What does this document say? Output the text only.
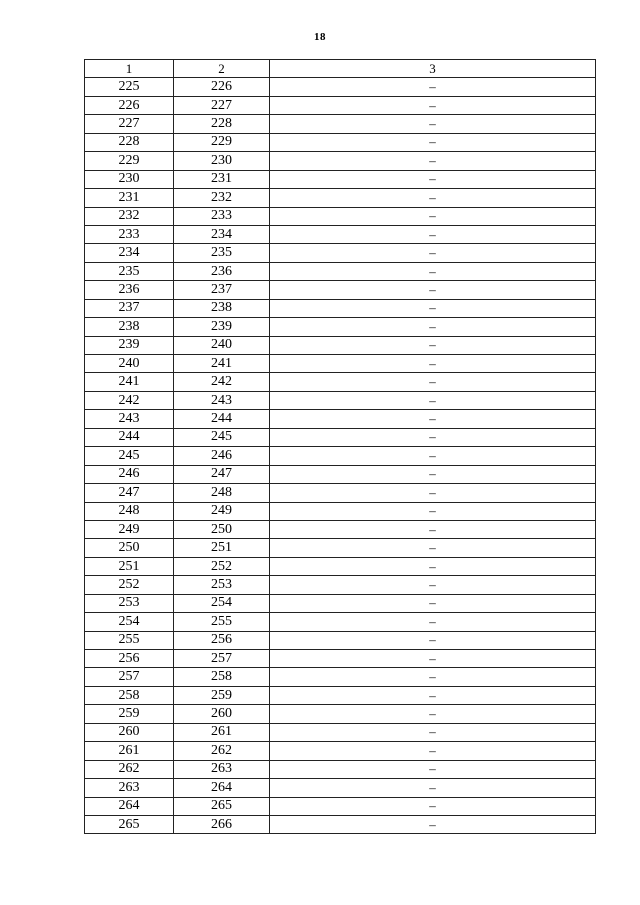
18
1	2	3
225	226	–
226	227	–
227	228	–
228	229	–
229	230	–
230	231	–
231	232	–
232	233	–
233	234	–
234	235	–
235	236	–
236	237	–
237	238	–
238	239	–
239	240	–
240	241	–
241	242	–
242	243	–
243	244	–
244	245	–
245	246	–
246	247	–
247	248	–
248	249	–
249	250	–
250	251	–
251	252	–
252	253	–
253	254	–
254	255	–
255	256	–
256	257	–
257	258	–
258	259	–
259	260	–
260	261	–
261	262	–
262	263	–
263	264	–
264	265	–
265	266	–
